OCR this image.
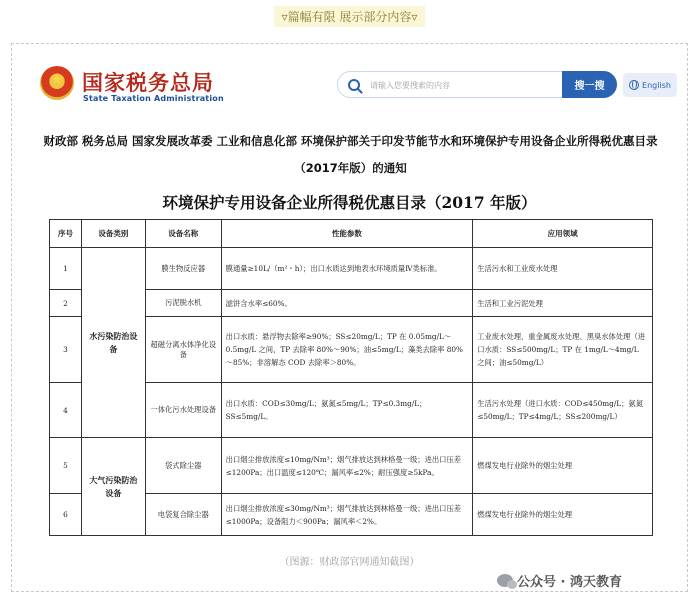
▿篇幅有限 展示部分内容▿
★
国家税务总局
State Taxation Administration
请输入您要搜索的内容
搜一搜	English
财政部 税务总局 国家发展改革委 工业和信息化部 环境保护部关于印发节能节水和环境保护专用设备企业所得税优惠目录（2017年版）的通知
环境保护专用设备企业所得税优惠目录（2017 年版）
序号	设备类别	设备名称	性能参数	应用领域
1	水污染防治设备	膜生物反应器	膜通量≥10L/（m²・h）；出口水质达到地表水环境质量Ⅳ类标准。	生活污水和工业废水处理
2		污泥脱水机	滤饼含水率≤60%。	生活和工业污泥处理
3		超磁分离水体净化设备	出口水质：悬浮物去除率≥90%；SS≤20mg/L；TP 在 0.05mg/L～0.5mg/L 之间，TP 去除率 80%～90%；油≤5mg/L；藻类去除率 80%～85%；非溶解态 COD 去除率＞80%。	工业废水处理、重金属废水处理、黑臭水体处理（进口水质：SS≤500mg/L；TP 在 1mg/L～4mg/L 之间；油≤50mg/L）
4		一体化污水处理设备	出口水质：COD≤30mg/L；氨氮≤5mg/L；TP≤0.3mg/L；SS≤5mg/L。	生活污水处理（进口水质：COD≤450mg/L；氨氮≤50mg/L；TP≤4mg/L；SS≤200mg/L）
5	大气污染防治设备	袋式除尘器	出口烟尘排放浓度≤10mg/Nm³；烟气排放达到林格曼一级；进出口压差≤1200Pa；出口温度≤120℃；漏风率≤2%；耐压强度≥5kPa。	燃煤发电行业除外的烟尘处理
6		电袋复合除尘器	出口烟尘排放浓度≤30mg/Nm³；烟气排放达到林格曼一级；进出口压差≤1000Pa；设备阻力＜900Pa；漏风率＜2%。	燃煤发电行业除外的烟尘处理
（图源：财政部官网通知截图）
公众号 · 鸿天教育
